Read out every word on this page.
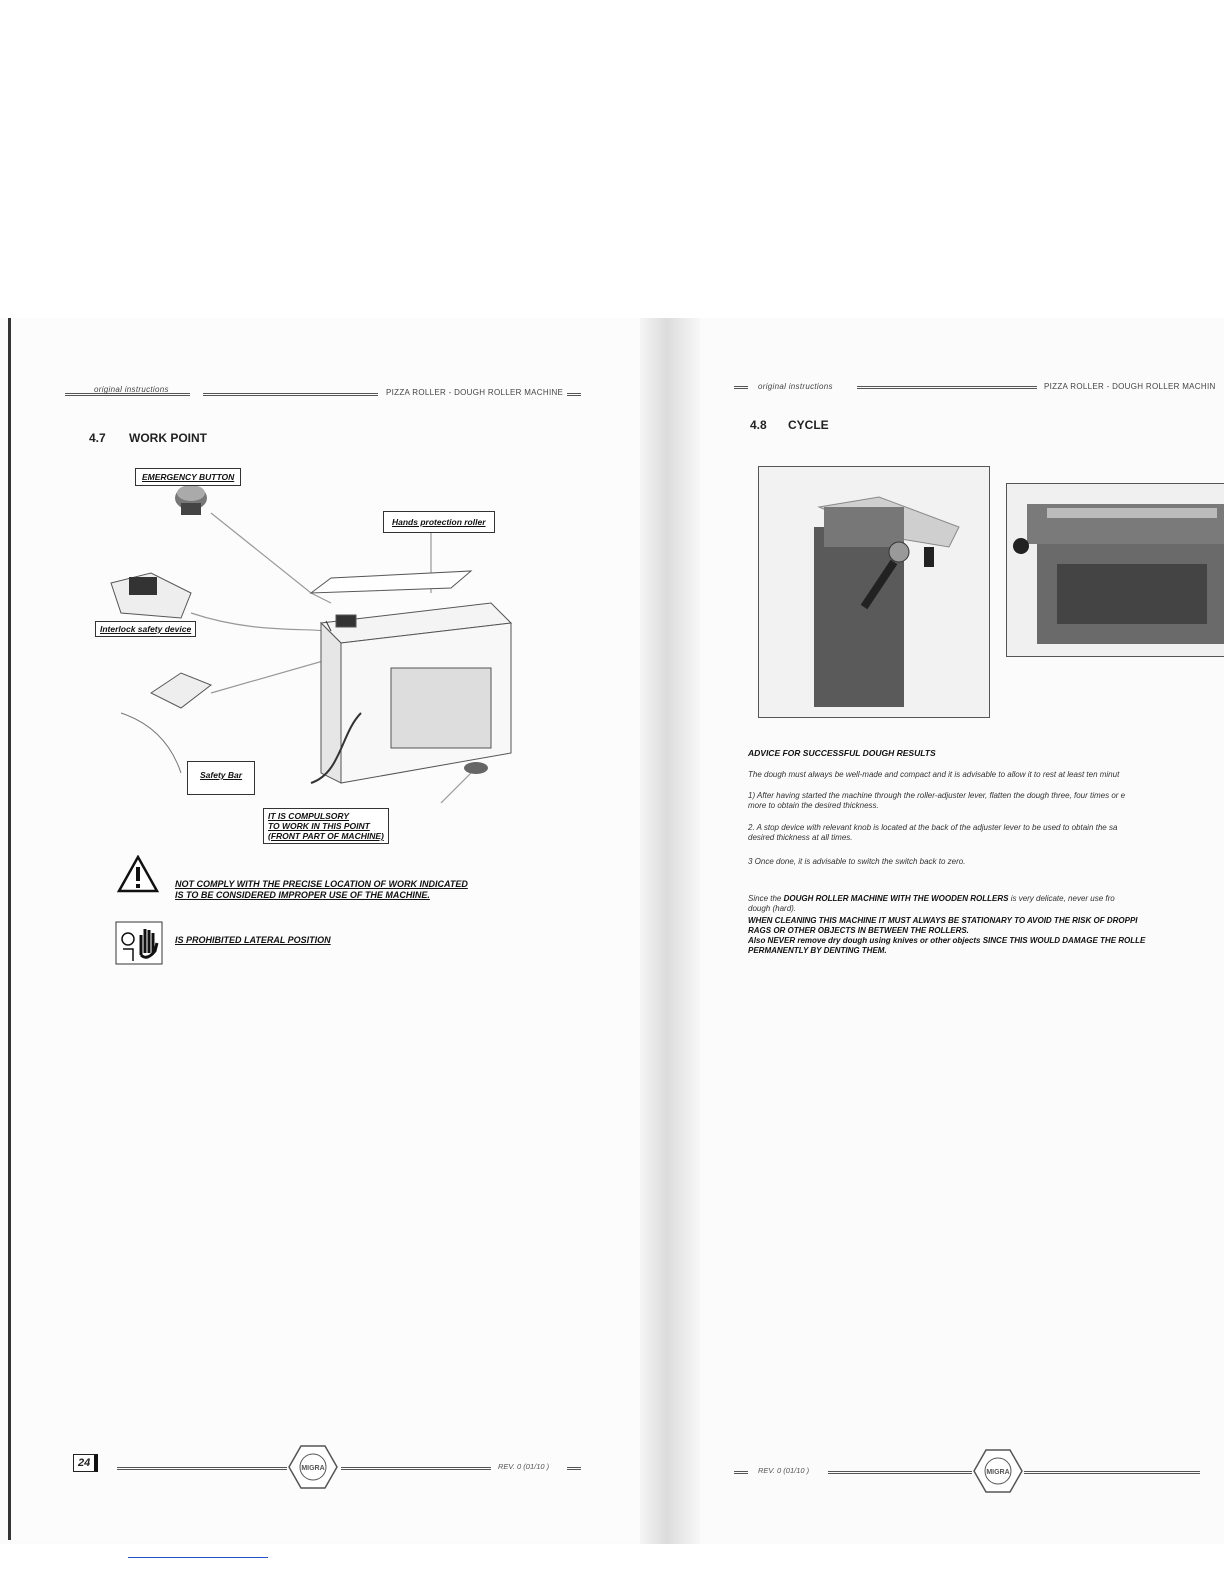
original instructions	PIZZA ROLLER - DOUGH ROLLER MACHINE
4.7 WORK POINT
EMERGENCY BUTTON
Hands protection roller
Interlock safety device
Safety Bar
IT IS COMPULSORY
TO WORK IN THIS POINT
(FRONT PART OF MACHINE)
NOT COMPLY WITH THE PRECISE LOCATION OF WORK INDICATED
IS TO BE CONSIDERED IMPROPER USE OF THE MACHINE.
IS PROHIBITED LATERAL POSITION
24	MIGRA	REV. 0 (01/10 )
original instructions	PIZZA ROLLER - DOUGH ROLLER MACHIN
4.8 CYCLE
ADVICE FOR SUCCESSFUL DOUGH RESULTS
The dough must always be well-made and compact and it is advisable to allow it to rest at least ten minut
1) After having started the machine through the roller-adjuster lever, flatten the dough three, four times or e
more to obtain the desired thickness.
2. A stop device with relevant knob is located at the back of the adjuster lever to be used to obtain the sa
desired thickness at all times.
3 Once done, it is advisable to switch the switch back to zero.
Since the DOUGH ROLLER MACHINE WITH THE WOODEN ROLLERS is very delicate, never use fro
dough (hard).
WHEN CLEANING THIS MACHINE IT MUST ALWAYS BE STATIONARY TO AVOID THE RISK OF DROPPI
RAGS OR OTHER OBJECTS IN BETWEEN THE ROLLERS.
Also NEVER remove dry dough using knives or other objects SINCE THIS WOULD DAMAGE THE ROLLE
PERMANENTLY BY DENTING THEM.
REV. 0 (01/10 )	MIGRA
